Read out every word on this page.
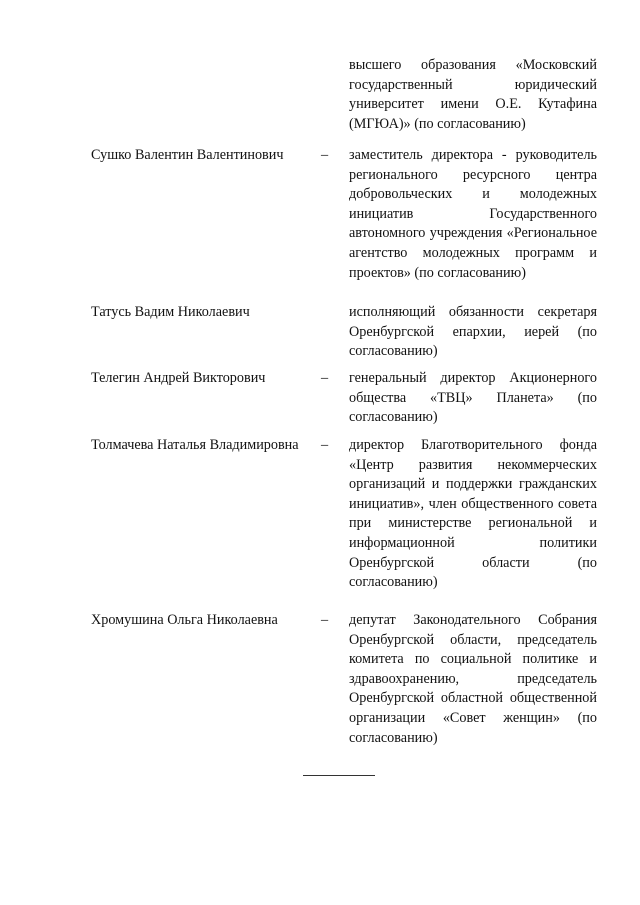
высшего образования «Московский государственный юридический университет имени О.Е. Кутафина (МГЮА)» (по согласованию)

Сушко Валентин Валентинович	– заместитель директора - руководитель регионального ресурсного центра добровольческих и молодежных инициатив Государственного автономного учреждения «Региональное агентство молодежных программ и проектов» (по согласованию)

Татусь Вадим Николаевич	исполняющий обязанности секретаря Оренбургской епархии, иерей (по согласованию)

Телегин Андрей Викторович	– генеральный директор Акционерного общества «ТВЦ» Планета» (по согласованию)

Толмачева Наталья Владимировна	– директор Благотворительного фонда «Центр развития некоммерческих организаций и поддержки гражданских инициатив», член общественного совета при министерстве региональной и информационной политики Оренбургской области (по согласованию)

Хромушина Ольга Николаевна	– депутат Законодательного Собрания Оренбургской области, председатель комитета по социальной политике и здравоохранению, председатель Оренбургской областной общественной организации «Совет женщин» (по согласованию)
